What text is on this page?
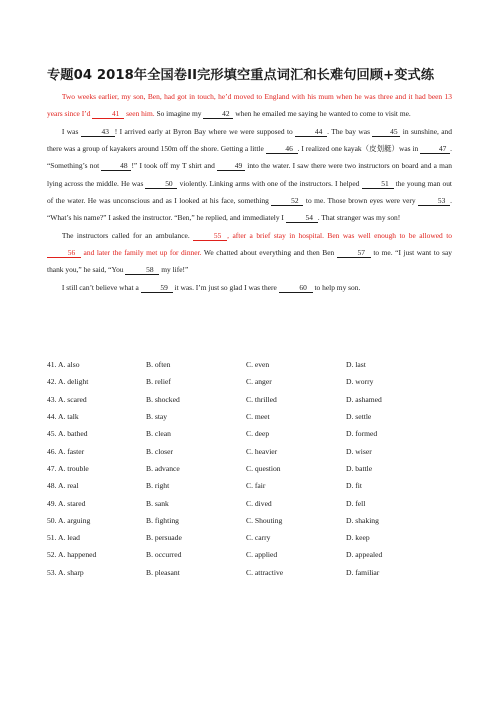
专题04 2018年全国卷II完形填空重点词汇和长难句回顾+变式练

Two weeks earlier, my son, Ben, had got in touch, he’d moved to England with his mum when he was three and it had been 13 years since I’d	41 seen him. So imagine my	42 when he emailed me saying he wanted to come to visit me.

I was	43 ! I arrived early at Byron Bay where we were supposed to	44 . The bay was 45 in sunshine, and there was a group of kayakers around 150m off the shore. Getting a little	46 . I realized one kayak（皮划艇）was in	47 . “Something’s not	48 !” I took off my T shirt and 49 into the water. I saw there were two instructors on board and a man lying across the middle. He was	50 violently. Linking arms with one of the instructors. I helped	51 the young man out of the water. He was unconscious and as I looked at his face, something	52 to me. Those brown eyes were very	53 . “What’s his name?” I asked the instructor. “Ben,” he replied, and immediately I	54 . That stranger was my son!

The instructors called for an ambulance.	55 , after a brief stay in hospital. Ben was well enough to be allowed to 56 and later the family met up for dinner. We chatted about everything and then Ben	57 to me. “I just want to say thank you,” he said, “You	58 my life!”

I still can’t believe what a	59 it was. I’m just so glad I was there	60 to help my son.

41. A. also	B. often	C. even	D. last
42. A. delight	B. relief	C. anger	D. worry
43. A. scared	B. shocked	C. thrilled	D. ashamed
44. A. talk	B. stay	C. meet	D. settle
45. A. bathed	B. clean	C. deep	D. formed
46. A. faster	B. closer	C. heavier	D. wiser
47. A. trouble	B. advance	C. question	D. battle
48. A. real	B. right	C. fair	D. fit
49. A. stared	B. sank	C. dived	D. fell
50. A. arguing	B. fighting	C. Shouting	D. shaking
51. A. lead	B. persuade	C. carry	D. keep
52. A. happened	B. occurred	C. applied	D. appealed
53. A. sharp	B. pleasant	C. attractive	D. familiar
